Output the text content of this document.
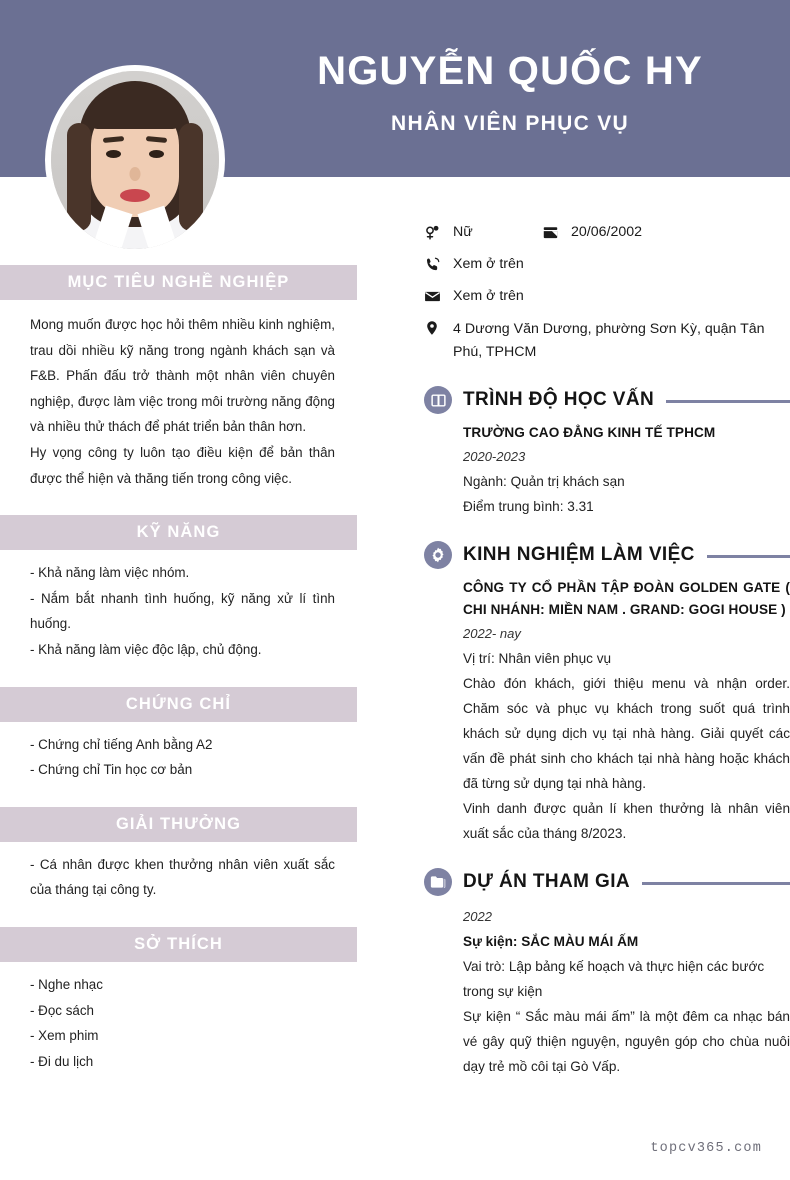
NGUYỄN QUỐC HY
NHÂN VIÊN PHỤC VỤ
MỤC TIÊU NGHỀ NGHIỆP

Mong muốn được học hỏi thêm nhiều kinh nghiệm, trau dồi nhiều kỹ năng trong ngành khách sạn và F&B. Phấn đấu trở thành một nhân viên chuyên nghiệp, được làm việc trong môi trường năng động và nhiều thử thách để phát triển bản thân hơn.

Hy vọng công ty luôn tạo điều kiện để bản thân được thể hiện và thăng tiến trong công việc.

KỸ NĂNG

- Khả năng làm việc nhóm.

- Nắm bắt nhanh tình huống, kỹ năng xử lí tình huống.

- Khả năng làm việc độc lập, chủ động.

CHỨNG CHỈ

- Chứng chỉ tiếng Anh bằng A2

- Chứng chỉ Tin học cơ bản

GIẢI THƯỞNG

- Cá nhân được khen thưởng nhân viên xuất sắc của tháng tại công ty.

SỞ THÍCH

- Nghe nhạc

- Đọc sách

- Xem phim

- Đi du lịch

Nữ	20/06/2002
Xem ở trên
Xem ở trên
4 Dương Văn Dương, phường Sơn Kỳ, quận Tân Phú, TPHCM
TRÌNH ĐỘ HỌC VẤN
TRƯỜNG CAO ĐẲNG KINH TẾ TPHCM
2020-2023
Ngành: Quản trị khách sạn
Điểm trung bình: 3.31
KINH NGHIỆM LÀM VIỆC
CÔNG TY CỔ PHẦN TẬP ĐOÀN GOLDEN GATE ( CHI NHÁNH: MIỀN NAM . GRAND: GOGI HOUSE )
2022- nay
Vị trí: Nhân viên phục vụ
Chào đón khách, giới thiệu menu và nhận order. Chăm sóc và phục vụ khách trong suốt quá trình khách sử dụng dịch vụ tại nhà hàng. Giải quyết các vấn đề phát sinh cho khách tại nhà hàng hoặc khách đã từng sử dụng tại nhà hàng.
Vinh danh được quản lí khen thưởng là nhân viên xuất sắc của tháng 8/2023.
DỰ ÁN THAM GIA
2022
Sự kiện: SẮC MÀU MÁI ẤM
Vai trò: Lập bảng kế hoạch và thực hiện các bước trong sự kiện
Sự kiện “ Sắc màu mái ấm” là một đêm ca nhạc bán vé gây quỹ thiện nguyện, nguyên góp cho chùa nuôi dạy trẻ mồ côi tại Gò Vấp.
topcv365.com
